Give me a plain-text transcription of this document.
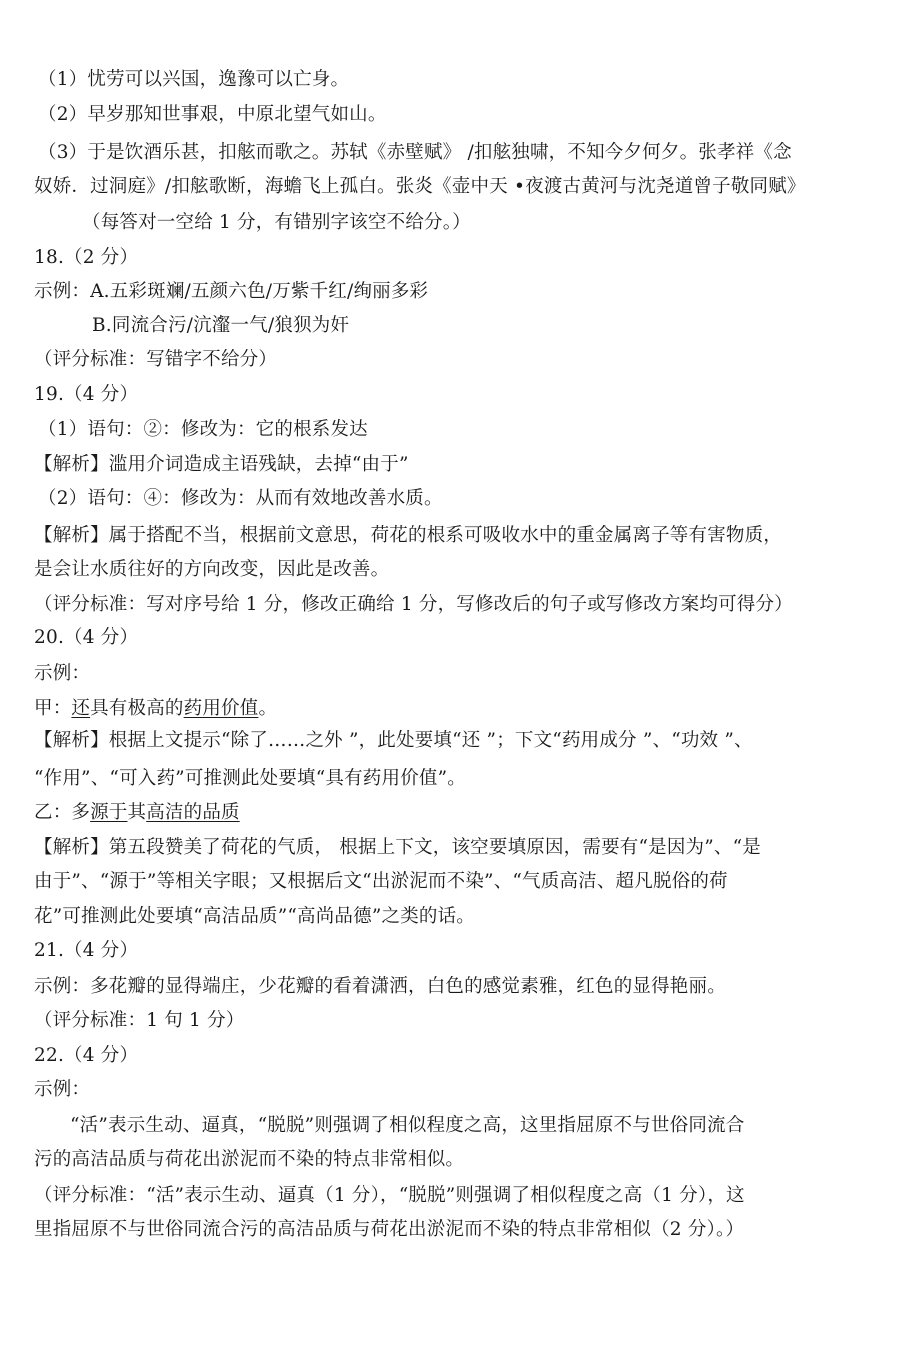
（1）忧劳可以兴国，逸豫可以亡身。
（2）早岁那知世事艰，中原北望气如山。
（3）于是饮酒乐甚，扣舷而歌之。苏轼《赤壁赋》 /扣舷独啸，不知今夕何夕。张孝祥《念
奴娇．过洞庭》/扣舷歌断，海蟾飞上孤白。张炎《壶中天 •夜渡古黄河与沈尧道曾子敬同赋》
（每答对一空给 1 分，有错别字该空不给分。）
18.（2 分）
示例：A.五彩斑斓/五颜六色/万紫千红/绚丽多彩
B.同流合污/沆瀣一气/狼狈为奸
（评分标准：写错字不给分）
19.（4 分）
（1）语句：②：修改为：它的根系发达
【解析】滥用介词造成主语残缺，去掉“由于”
（2）语句：④：修改为：从而有效地改善水质。
【解析】属于搭配不当，根据前文意思，荷花的根系可吸收水中的重金属离子等有害物质，
是会让水质往好的方向改变，因此是改善。
（评分标准：写对序号给 1 分，修改正确给 1 分，写修改后的句子或写修改方案均可得分）
20.（4 分）
示例：
甲：还具有极高的药用价值。
【解析】根据上文提示“除了……之外 ”，此处要填“还 ”；下文“药用成分 ”、“功效 ”、
“作用”、“可入药”可推测此处要填“具有药用价值”。
乙：多源于其高洁的品质
【解析】第五段赞美了荷花的气质， 根据上下文，该空要填原因，需要有“是因为”、“是
由于”、“源于”等相关字眼；又根据后文“出淤泥而不染”、“气质高洁、超凡脱俗的荷
花”可推测此处要填“高洁品质”“高尚品德”之类的话。
21.（4 分）
示例：多花瓣的显得端庄，少花瓣的看着潇洒，白色的感觉素雅，红色的显得艳丽。
（评分标准：1 句 1 分）
22.（4 分）
示例：
“活”表示生动、逼真，“脱脱”则强调了相似程度之高，这里指屈原不与世俗同流合
污的高洁品质与荷花出淤泥而不染的特点非常相似。
（评分标准：“活”表示生动、逼真（1 分），“脱脱”则强调了相似程度之高（1 分），这
里指屈原不与世俗同流合污的高洁品质与荷花出淤泥而不染的特点非常相似（2 分）。）
